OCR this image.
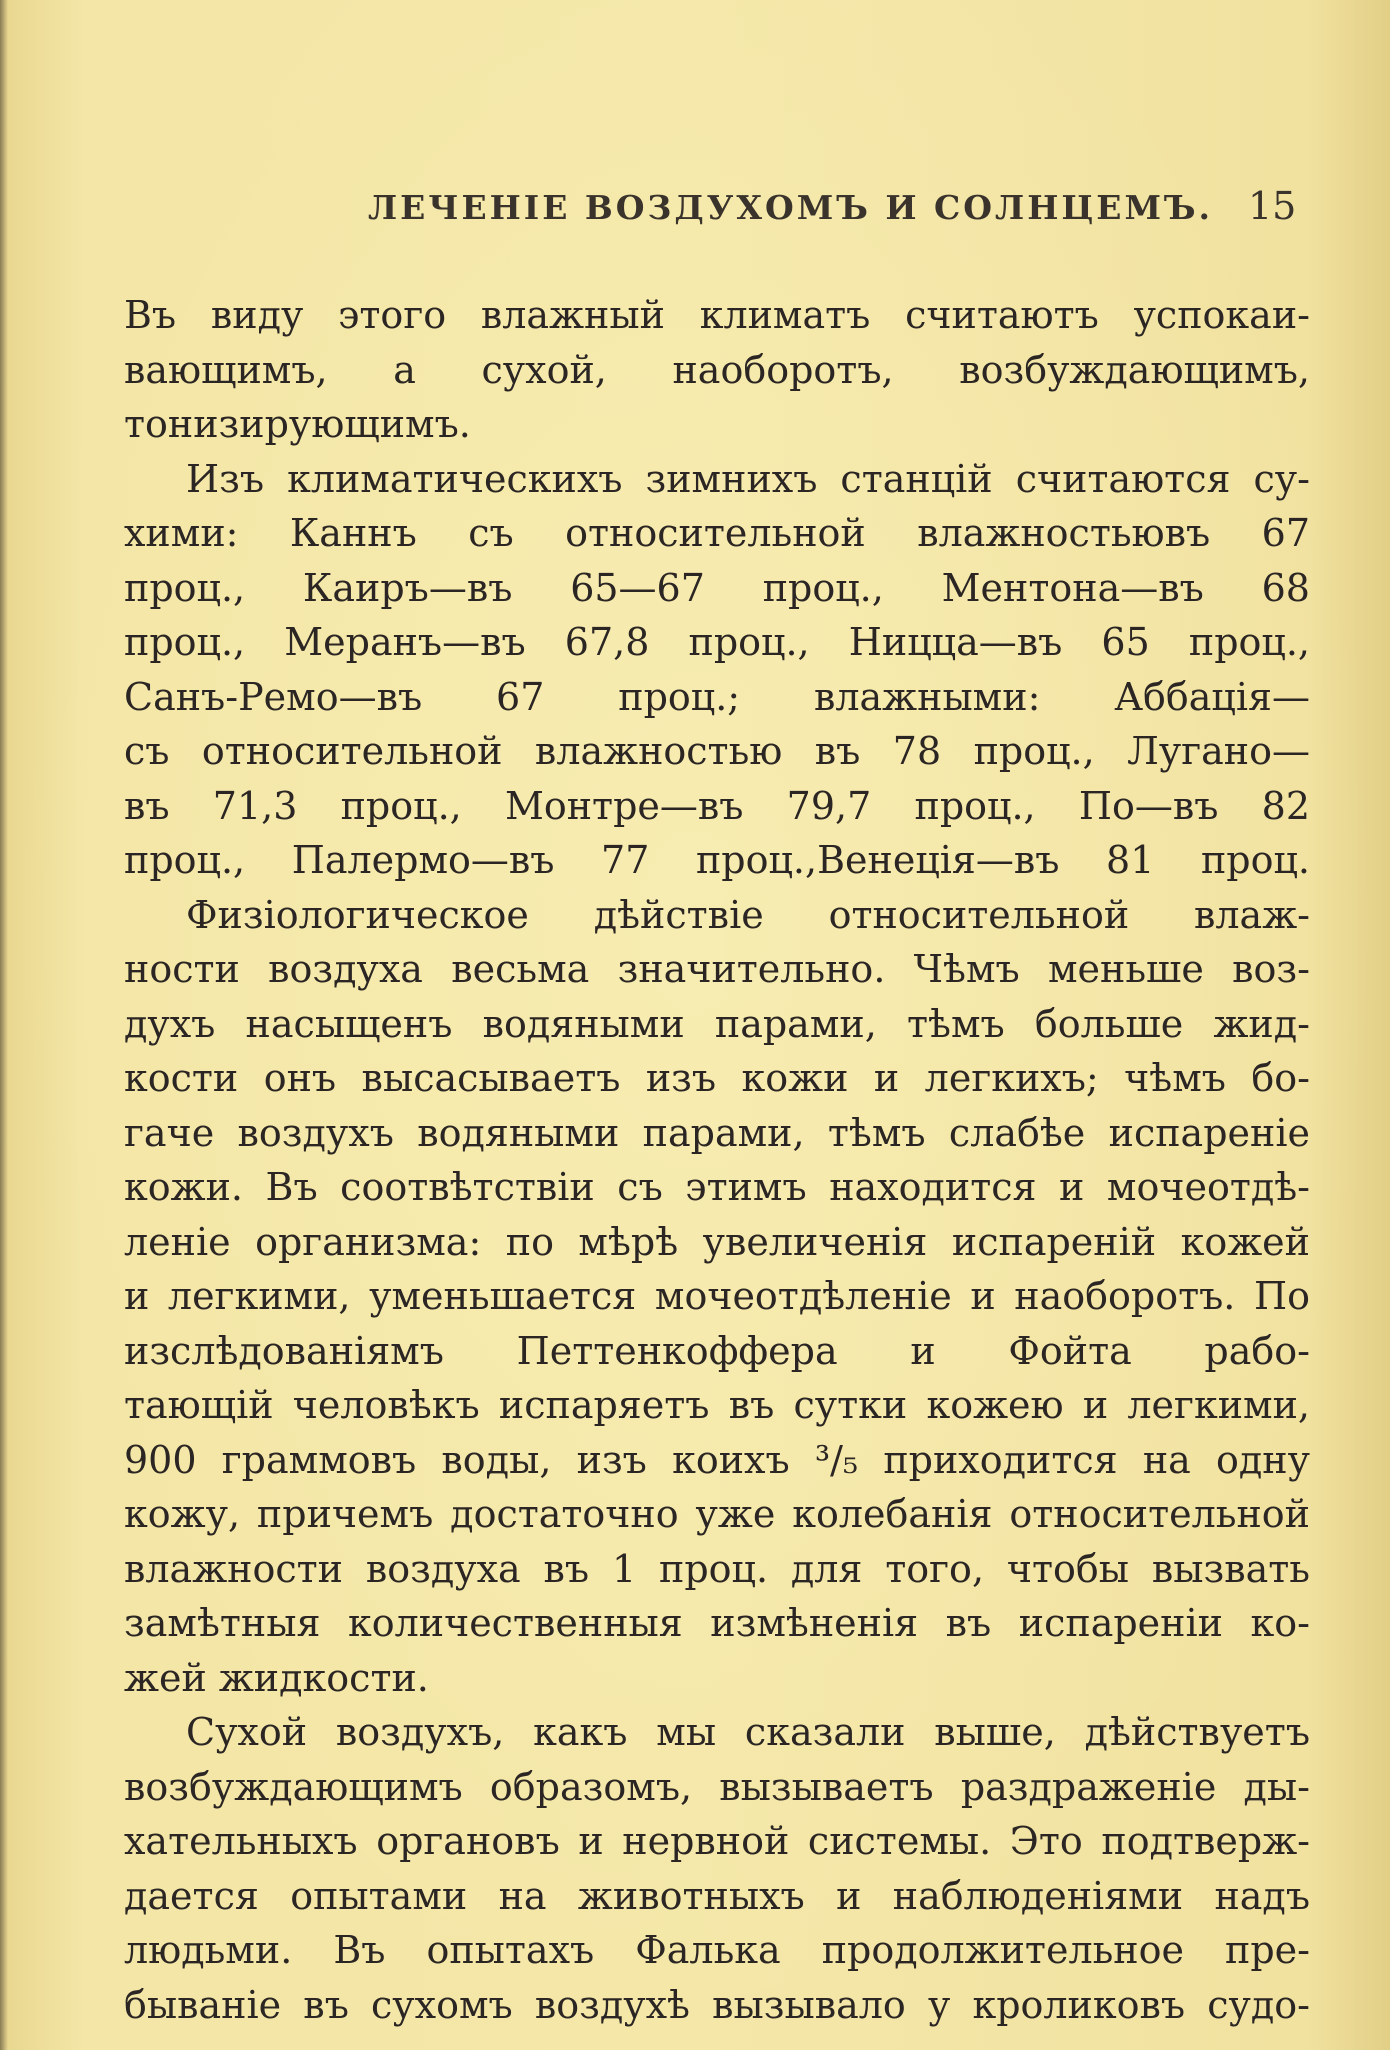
ЛЕЧЕНІЕ ВОЗДУХОМЪ И СОЛНЦЕМЪ. 15
Въ виду этого влажный климатъ считаютъ успокаи-
вающимъ, а сухой, наоборотъ, возбуждающимъ,
тонизирующимъ.
Изъ климатическихъ зимнихъ станцій считаются су-
хими: Каннъ съ относительной влажностьювъ 67
проц., Каиръ—въ 65—67 проц., Ментона—въ 68
проц., Меранъ—въ 67,8 проц., Ницца—въ 65 проц.,
Санъ-Ремо—въ 67 проц.; влажными: Аббація—
съ относительной влажностью въ 78 проц., Лугано—
въ 71,3 проц., Монтре—въ 79,7 проц., По—въ 82
проц., Палермо—въ 77 проц.,Венеція—въ 81 проц.
Физіологическое дѣйствіе относительной влаж-
ности воздуха весьма значительно. Чѣмъ меньше воз-
духъ насыщенъ водяными парами, тѣмъ больше жид-
кости онъ высасываетъ изъ кожи и легкихъ; чѣмъ бо-
гаче воздухъ водяными парами, тѣмъ слабѣе испареніе
кожи. Въ соотвѣтствіи съ этимъ находится и мочеотдѣ-
леніе организма: по мѣрѣ увеличенія испареній кожей
и легкими, уменьшается мочеотдѣленіе и наоборотъ. По
изслѣдованіямъ Петтенкоффера и Фойта рабо-
тающій человѣкъ испаряетъ въ сутки кожею и легкими,
900 граммовъ воды, изъ коихъ ³/₅ приходится на одну
кожу, причемъ достаточно уже колебанія относительной
влажности воздуха въ 1 проц. для того, чтобы вызвать
замѣтныя количественныя измѣненія въ испареніи ко-
жей жидкости.
Сухой воздухъ, какъ мы сказали выше, дѣйствуетъ
возбуждающимъ образомъ, вызываетъ раздраженіе ды-
хательныхъ органовъ и нервной системы. Это подтверж-
дается опытами на животныхъ и наблюденіями надъ
людьми. Въ опытахъ Фалька продолжительное пре-
бываніе въ сухомъ воздухѣ вызывало у кроликовъ судо-
